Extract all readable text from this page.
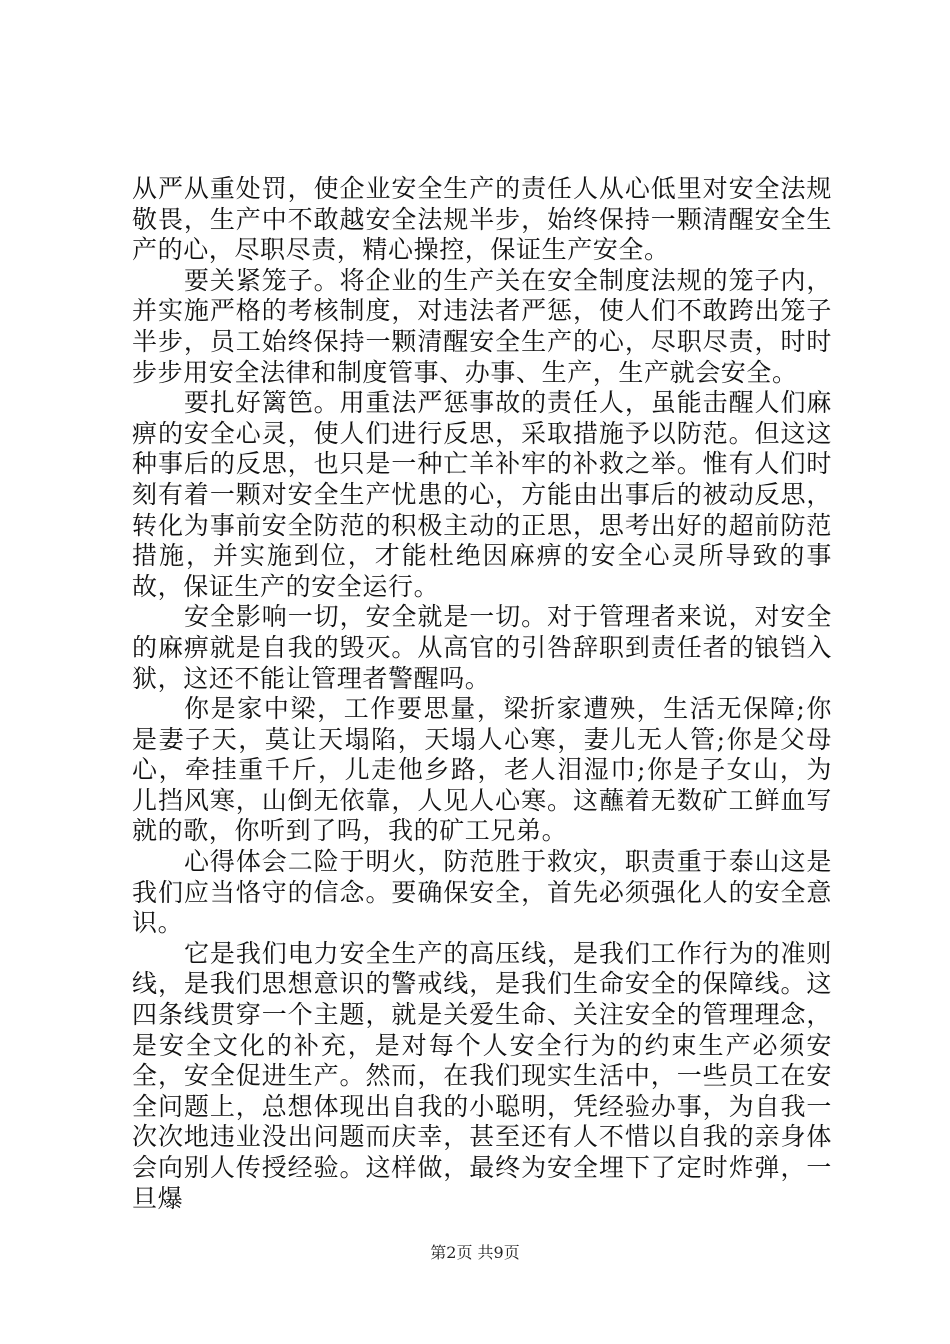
从严从重处罚，使企业安全生产的责任人从心低里对安全法规敬畏，生产中不敢越安全法规半步，始终保持一颗清醒安全生产的心，尽职尽责，精心操控，保证生产安全。

要关紧笼子。将企业的生产关在安全制度法规的笼子内，并实施严格的考核制度，对违法者严惩，使人们不敢跨出笼子半步，员工始终保持一颗清醒安全生产的心，尽职尽责，时时步步用安全法律和制度管事、办事、生产，生产就会安全。

要扎好篱笆。用重法严惩事故的责任人，虽能击醒人们麻痹的安全心灵，使人们进行反思，采取措施予以防范。但这这种事后的反思，也只是一种亡羊补牢的补救之举。惟有人们时刻有着一颗对安全生产忧患的心，方能由出事后的被动反思，转化为事前安全防范的积极主动的正思，思考出好的超前防范措施，并实施到位，才能杜绝因麻痹的安全心灵所导致的事故，保证生产的安全运行。

安全影响一切，安全就是一切。对于管理者来说，对安全的麻痹就是自我的毁灭。从高官的引咎辞职到责任者的锒铛入狱，这还不能让管理者警醒吗。

你是家中梁，工作要思量，梁折家遭殃，生活无保障;你是妻子天，莫让天塌陷，天塌人心寒，妻儿无人管;你是父母心，牵挂重千斤，儿走他乡路，老人泪湿巾;你是子女山，为儿挡风寒，山倒无依靠，人见人心寒。这蘸着无数矿工鲜血写就的歌，你听到了吗，我的矿工兄弟。

心得体会二险于明火，防范胜于救灾，职责重于泰山这是我们应当恪守的信念。要确保安全，首先必须强化人的安全意识。

它是我们电力安全生产的高压线，是我们工作行为的准则线，是我们思想意识的警戒线，是我们生命安全的保障线。这四条线贯穿一个主题，就是关爱生命、关注安全的管理理念，是安全文化的补充，是对每个人安全行为的约束生产必须安全，安全促进生产。然而，在我们现实生活中，一些员工在安全问题上，总想体现出自我的小聪明，凭经验办事，为自我一次次地违业没出问题而庆幸，甚至还有人不惜以自我的亲身体会向别人传授经验。这样做，最终为安全埋下了定时炸弹，一旦爆

第2页 共9页
